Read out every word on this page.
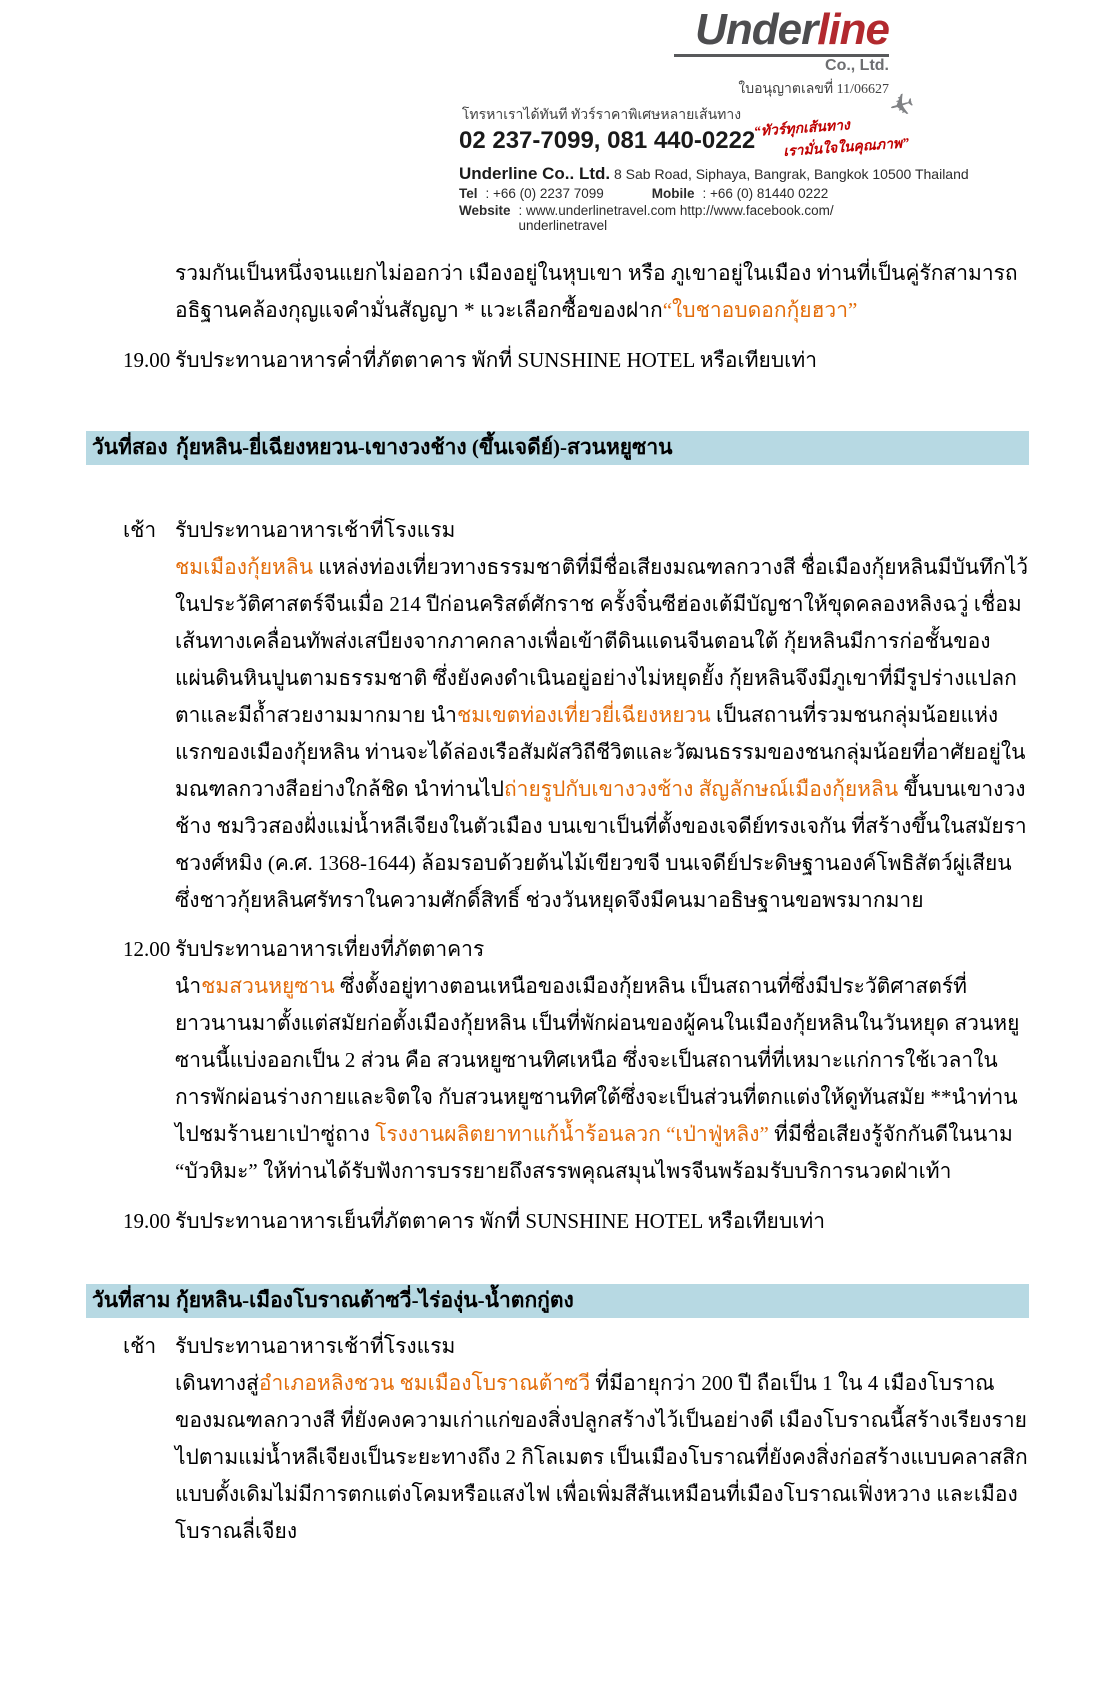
Underline
Co., Ltd.
ใบอนุญาตเลขที่ 11/06627
โทรหาเราได้ทันที ทัวร์ราคาพิเศษหลายเส้นทาง
02 237-7099, 081 440-0222
✈
“ทัวร์ทุกเส้นทาง
เรามั่นใจในคุณภาพ”
Underline Co.. Ltd. 8 Sab Road, Siphaya, Bangrak, Bangkok 10500 Thailand
Tel : +66 (0) 2237 7099	Mobile : +66 (0) 81440 0222
Website : www.underlinetravel.com http://www.facebook.com/ underlinetravel

รวมกันเป็นหนึ่งจนแยกไม่ออกว่า เมืองอยู่ในหุบเขา หรือ ภูเขาอยู่ในเมือง ท่านที่เป็นคู่รักสามารถอธิฐานคล้องกุญแจคำมั่นสัญญา * แวะเลือกซื้อของฝาก“ใบชาอบดอกกุ้ยฮวา”

19.00 รับประทานอาหารค่ำที่ภัตตาคาร พักที่ SUNSHINE HOTEL หรือเทียบเท่า
วันที่สอง กุ้ยหลิน-ยี่เฉียงหยวน-เขางวงช้าง (ขึ้นเจดีย์)-สวนหยูซาน
เช้า รับประทานอาหารเช้าที่โรงแรม

ชมเมืองกุ้ยหลิน แหล่งท่องเที่ยวทางธรรมชาติที่มีชื่อเสียงมณฑลกวางสี ชื่อเมืองกุ้ยหลินมีบันทึกไว้ในประวัติศาสตร์จีนเมื่อ 214 ปีก่อนคริสต์ศักราช ครั้งจิ๋นซีฮ่องเต้มีบัญชาให้ขุดคลองหลิงฉวู่ เชื่อมเส้นทางเคลื่อนทัพส่งเสบียงจากภาคกลางเพื่อเข้าตีดินแดนจีนตอนใต้ กุ้ยหลินมีการก่อชั้นของแผ่นดินหินปูนตามธรรมชาติ ซึ่งยังคงดำเนินอยู่อย่างไม่หยุดยั้ง กุ้ยหลินจึงมีภูเขาที่มีรูปร่างแปลกตาและมีถ้ำสวยงามมากมาย นำชมเขตท่องเที่ยวยี่เฉียงหยวน เป็นสถานที่รวมชนกลุ่มน้อยแห่งแรกของเมืองกุ้ยหลิน ท่านจะได้ล่องเรือสัมผัสวิถีชีวิตและวัฒนธรรมของชนกลุ่มน้อยที่อาศัยอยู่ในมณฑลกวางสีอย่างใกล้ชิด นำท่านไปถ่ายรูปกับเขางวงช้าง สัญลักษณ์เมืองกุ้ยหลิน ขึ้นบนเขางวงช้าง ชมวิวสองฝั่งแม่น้ำหลีเจียงในตัวเมือง บนเขาเป็นที่ตั้งของเจดีย์ทรงเจกัน ที่สร้างขึ้นในสมัยราชวงศ์หมิง (ค.ศ. 1368-1644) ล้อมรอบด้วยต้นไม้เขียวขจี บนเจดีย์ประดิษฐานองค์โพธิสัตว์ผู่เสียน ซึ่งชาวกุ้ยหลินศรัทราในความศักดิ์สิทธิ์ ช่วงวันหยุดจึงมีคนมาอธิษฐานขอพรมากมาย

12.00 รับประทานอาหารเที่ยงที่ภัตตาคาร

นำชมสวนหยูซาน ซึ่งตั้งอยู่ทางตอนเหนือของเมืองกุ้ยหลิน เป็นสถานที่ซึ่งมีประวัติศาสตร์ที่ยาวนานมาตั้งแต่สมัยก่อตั้งเมืองกุ้ยหลิน เป็นที่พักผ่อนของผู้คนในเมืองกุ้ยหลินในวันหยุด สวนหยูซานนี้แบ่งออกเป็น 2 ส่วน คือ สวนหยูซานทิศเหนือ ซึ่งจะเป็นสถานที่ที่เหมาะแก่การใช้เวลาในการพักผ่อนร่างกายและจิตใจ กับสวนหยูซานทิศใต้ซึ่งจะเป็นส่วนที่ตกแต่งให้ดูทันสมัย **นำท่านไปชมร้านยาเป่าซู่ถาง โรงงานผลิตยาทาแก้น้ำร้อนลวก “เป่าฟู่หลิง” ที่มีชื่อเสียงรู้จักกันดีในนาม “บัวหิมะ” ให้ท่านได้รับฟังการบรรยายถึงสรรพคุณสมุนไพรจีนพร้อมรับบริการนวดฝ่าเท้า

19.00 รับประทานอาหารเย็นที่ภัตตาคาร พักที่ SUNSHINE HOTEL หรือเทียบเท่า
วันที่สาม กุ้ยหลิน-เมืองโบราณต้าซวี่-ไร่องุ่น-น้ำตกกู่ตง
เช้า รับประทานอาหารเช้าที่โรงแรม

เดินทางสู่อำเภอหลิงชวน ชมเมืองโบราณต้าซวี ที่มีอายุกว่า 200 ปี ถือเป็น 1 ใน 4 เมืองโบราณของมณฑลกวางสี ที่ยังคงความเก่าแก่ของสิ่งปลูกสร้างไว้เป็นอย่างดี เมืองโบราณนี้สร้างเรียงรายไปตามแม่น้ำหลีเจียงเป็นระยะทางถึง 2 กิโลเมตร เป็นเมืองโบราณที่ยังคงสิ่งก่อสร้างแบบคลาสสิกแบบดั้งเดิมไม่มีการตกแต่งโคมหรือแสงไฟ เพื่อเพิ่มสีสันเหมือนที่เมืองโบราณเฟิ่งหวาง และเมืองโบราณลี่เจียง
